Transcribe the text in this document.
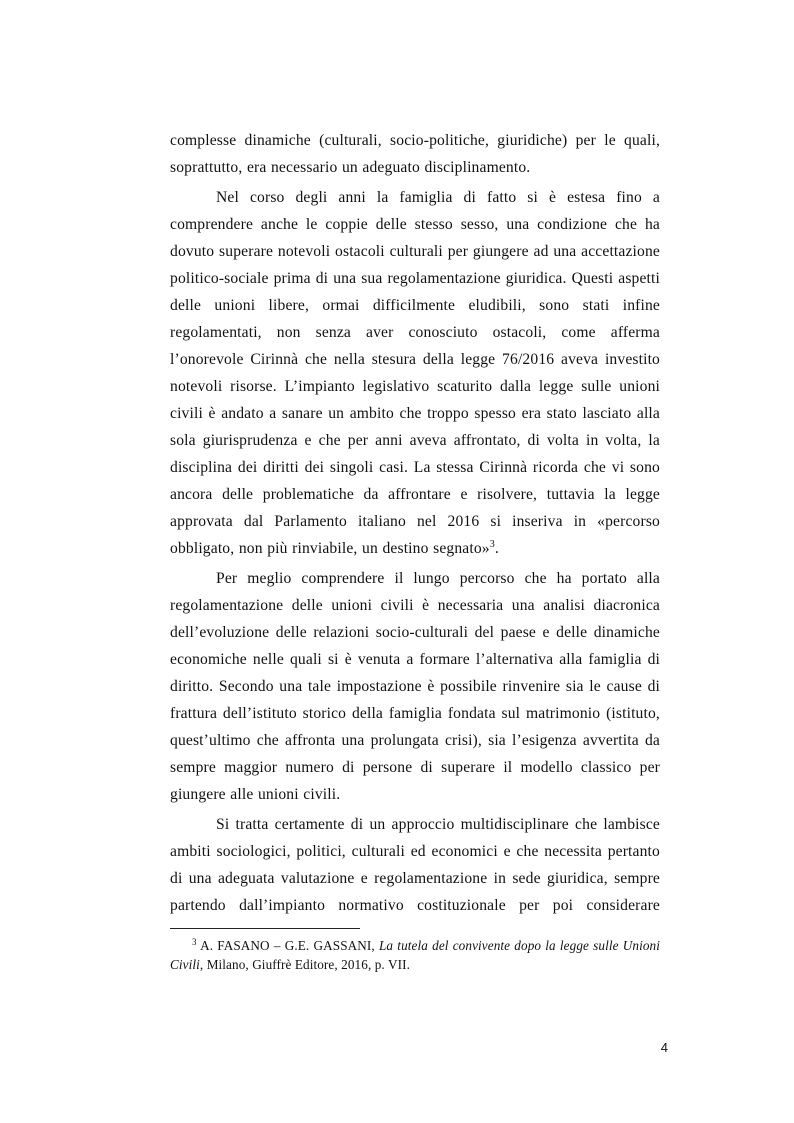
complesse dinamiche (culturali, socio-politiche, giuridiche) per le quali, soprattutto, era necessario un adeguato disciplinamento.

Nel corso degli anni la famiglia di fatto si è estesa fino a comprendere anche le coppie delle stesso sesso, una condizione che ha dovuto superare notevoli ostacoli culturali per giungere ad una accettazione politico-sociale prima di una sua regolamentazione giuridica. Questi aspetti delle unioni libere, ormai difficilmente eludibili, sono stati infine regolamentati, non senza aver conosciuto ostacoli, come afferma l’onorevole Cirinnà che nella stesura della legge 76/2016 aveva investito notevoli risorse. L’impianto legislativo scaturito dalla legge sulle unioni civili è andato a sanare un ambito che troppo spesso era stato lasciato alla sola giurisprudenza e che per anni aveva affrontato, di volta in volta, la disciplina dei diritti dei singoli casi. La stessa Cirinnà ricorda che vi sono ancora delle problematiche da affrontare e risolvere, tuttavia la legge approvata dal Parlamento italiano nel 2016 si inseriva in «percorso obbligato, non più rinviabile, un destino segnato»$^3$.

Per meglio comprendere il lungo percorso che ha portato alla regolamentazione delle unioni civili è necessaria una analisi diacronica dell’evoluzione delle relazioni socio-culturali del paese e delle dinamiche economiche nelle quali si è venuta a formare l’alternativa alla famiglia di diritto. Secondo una tale impostazione è possibile rinvenire sia le cause di frattura dell’istituto storico della famiglia fondata sul matrimonio (istituto, quest’ultimo che affronta una prolungata crisi), sia l’esigenza avvertita da sempre maggior numero di persone di superare il modello classico per giungere alle unioni civili.

Si tratta certamente di un approccio multidisciplinare che lambisce ambiti sociologici, politici, culturali ed economici e che necessita pertanto di una adeguata valutazione e regolamentazione in sede giuridica, sempre partendo dall’impianto normativo costituzionale per poi considerare

$^3$ A. FASANO – G.E. GASSANI, La tutela del convivente dopo la legge sulle Unioni Civili, Milano, Giuffrè Editore, 2016, p. VII.
4
